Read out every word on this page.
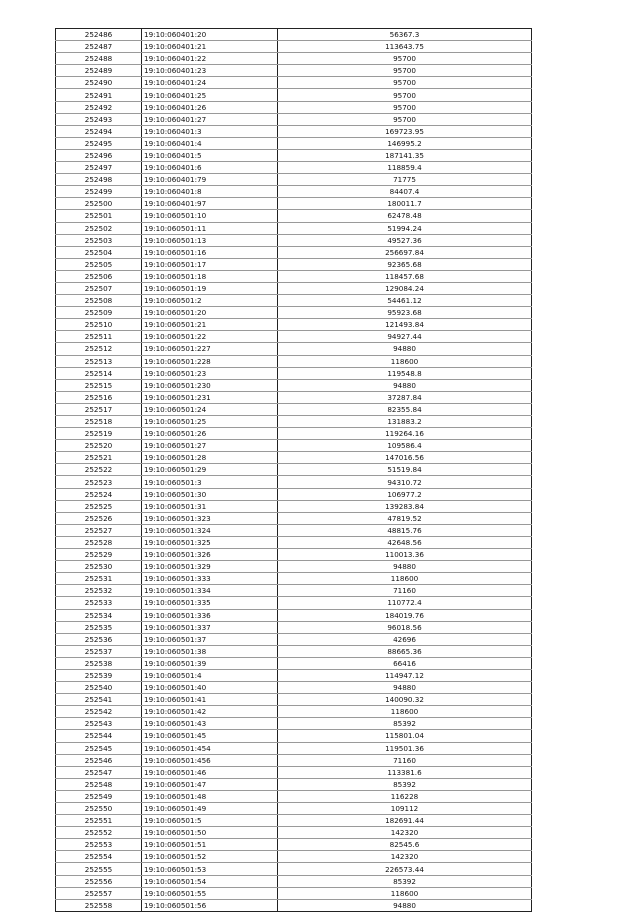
252486	19:10:060401:20	56367.3
252487	19:10:060401:21	113643.75
252488	19:10:060401:22	95700
252489	19:10:060401:23	95700
252490	19:10:060401:24	95700
252491	19:10:060401:25	95700
252492	19:10:060401:26	95700
252493	19:10:060401:27	95700
252494	19:10:060401:3	169723.95
252495	19:10:060401:4	146995.2
252496	19:10:060401:5	187141.35
252497	19:10:060401:6	118859.4
252498	19:10:060401:79	71775
252499	19:10:060401:8	84407.4
252500	19:10:060401:97	180011.7
252501	19:10:060501:10	62478.48
252502	19:10:060501:11	51994.24
252503	19:10:060501:13	49527.36
252504	19:10:060501:16	256697.84
252505	19:10:060501:17	92365.68
252506	19:10:060501:18	118457.68
252507	19:10:060501:19	129084.24
252508	19:10:060501:2	54461.12
252509	19:10:060501:20	95923.68
252510	19:10:060501:21	121493.84
252511	19:10:060501:22	94927.44
252512	19:10:060501:227	94880
252513	19:10:060501:228	118600
252514	19:10:060501:23	119548.8
252515	19:10:060501:230	94880
252516	19:10:060501:231	37287.84
252517	19:10:060501:24	82355.84
252518	19:10:060501:25	131883.2
252519	19:10:060501:26	119264.16
252520	19:10:060501:27	109586.4
252521	19:10:060501:28	147016.56
252522	19:10:060501:29	51519.84
252523	19:10:060501:3	94310.72
252524	19:10:060501:30	106977.2
252525	19:10:060501:31	139283.84
252526	19:10:060501:323	47819.52
252527	19:10:060501:324	48815.76
252528	19:10:060501:325	42648.56
252529	19:10:060501:326	110013.36
252530	19:10:060501:329	94880
252531	19:10:060501:333	118600
252532	19:10:060501:334	71160
252533	19:10:060501:335	110772.4
252534	19:10:060501:336	184019.76
252535	19:10:060501:337	96018.56
252536	19:10:060501:37	42696
252537	19:10:060501:38	88665.36
252538	19:10:060501:39	66416
252539	19:10:060501:4	114947.12
252540	19:10:060501:40	94880
252541	19:10:060501:41	140090.32
252542	19:10:060501:42	118600
252543	19:10:060501:43	85392
252544	19:10:060501:45	115801.04
252545	19:10:060501:454	119501.36
252546	19:10:060501:456	71160
252547	19:10:060501:46	113381.6
252548	19:10:060501:47	85392
252549	19:10:060501:48	116228
252550	19:10:060501:49	109112
252551	19:10:060501:5	182691.44
252552	19:10:060501:50	142320
252553	19:10:060501:51	82545.6
252554	19:10:060501:52	142320
252555	19:10:060501:53	226573.44
252556	19:10:060501:54	85392
252557	19:10:060501:55	118600
252558	19:10:060501:56	94880
